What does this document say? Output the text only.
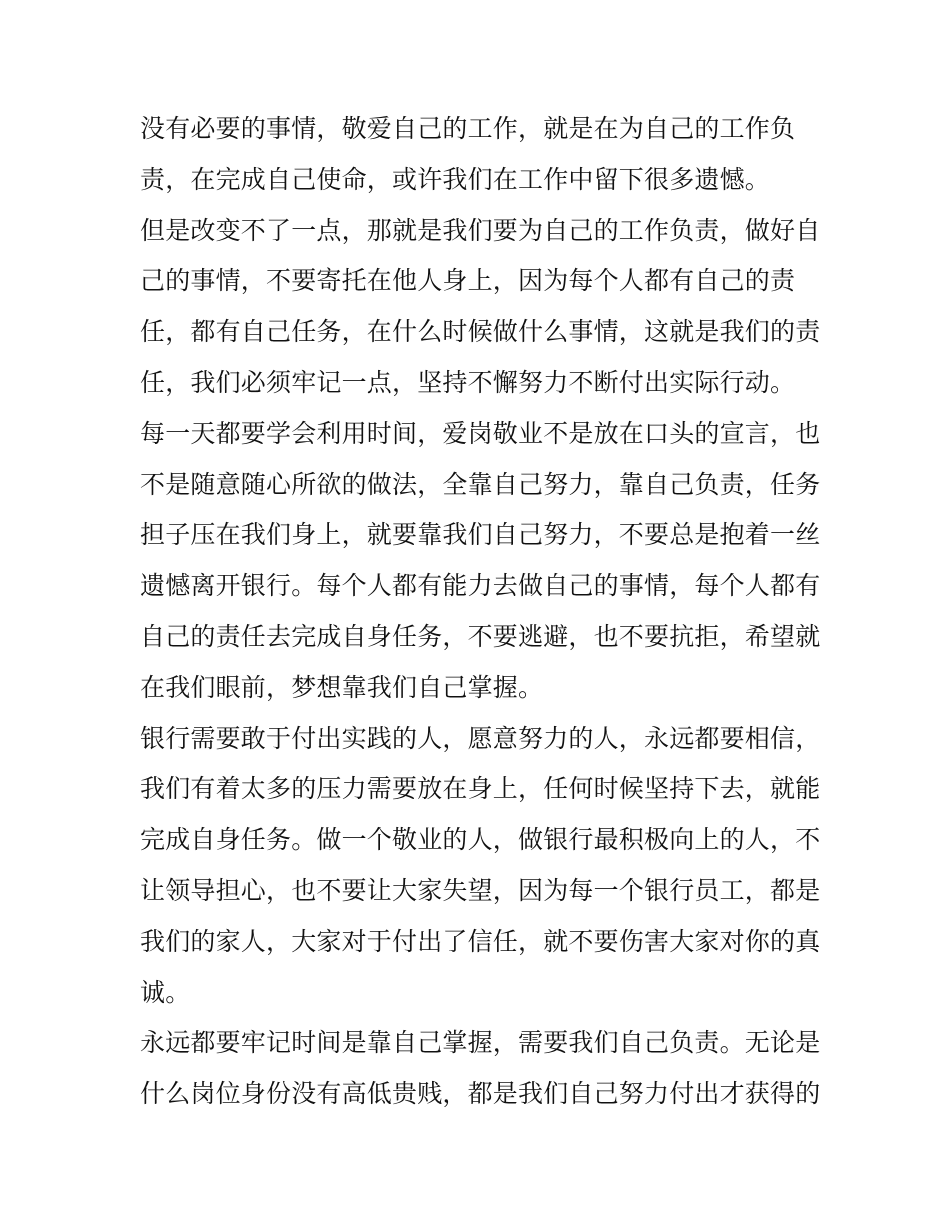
没有必要的事情，敬爱自己的工作，就是在为自己的工作负
责，在完成自己使命，或许我们在工作中留下很多遗憾。
但是改变不了一点，那就是我们要为自己的工作负责，做好自
己的事情，不要寄托在他人身上，因为每个人都有自己的责
任，都有自己任务，在什么时候做什么事情，这就是我们的责
任，我们必须牢记一点，坚持不懈努力不断付出实际行动。
每一天都要学会利用时间，爱岗敬业不是放在口头的宣言，也
不是随意随心所欲的做法，全靠自己努力，靠自己负责，任务
担子压在我们身上，就要靠我们自己努力，不要总是抱着一丝
遗憾离开银行。每个人都有能力去做自己的事情，每个人都有
自己的责任去完成自身任务，不要逃避，也不要抗拒，希望就
在我们眼前，梦想靠我们自己掌握。
银行需要敢于付出实践的人，愿意努力的人，永远都要相信，
我们有着太多的压力需要放在身上，任何时候坚持下去，就能
完成自身任务。做一个敬业的人，做银行最积极向上的人，不
让领导担心，也不要让大家失望，因为每一个银行员工，都是
我们的家人，大家对于付出了信任，就不要伤害大家对你的真
诚。
永远都要牢记时间是靠自己掌握，需要我们自己负责。无论是
什么岗位身份没有高低贵贱，都是我们自己努力付出才获得的
